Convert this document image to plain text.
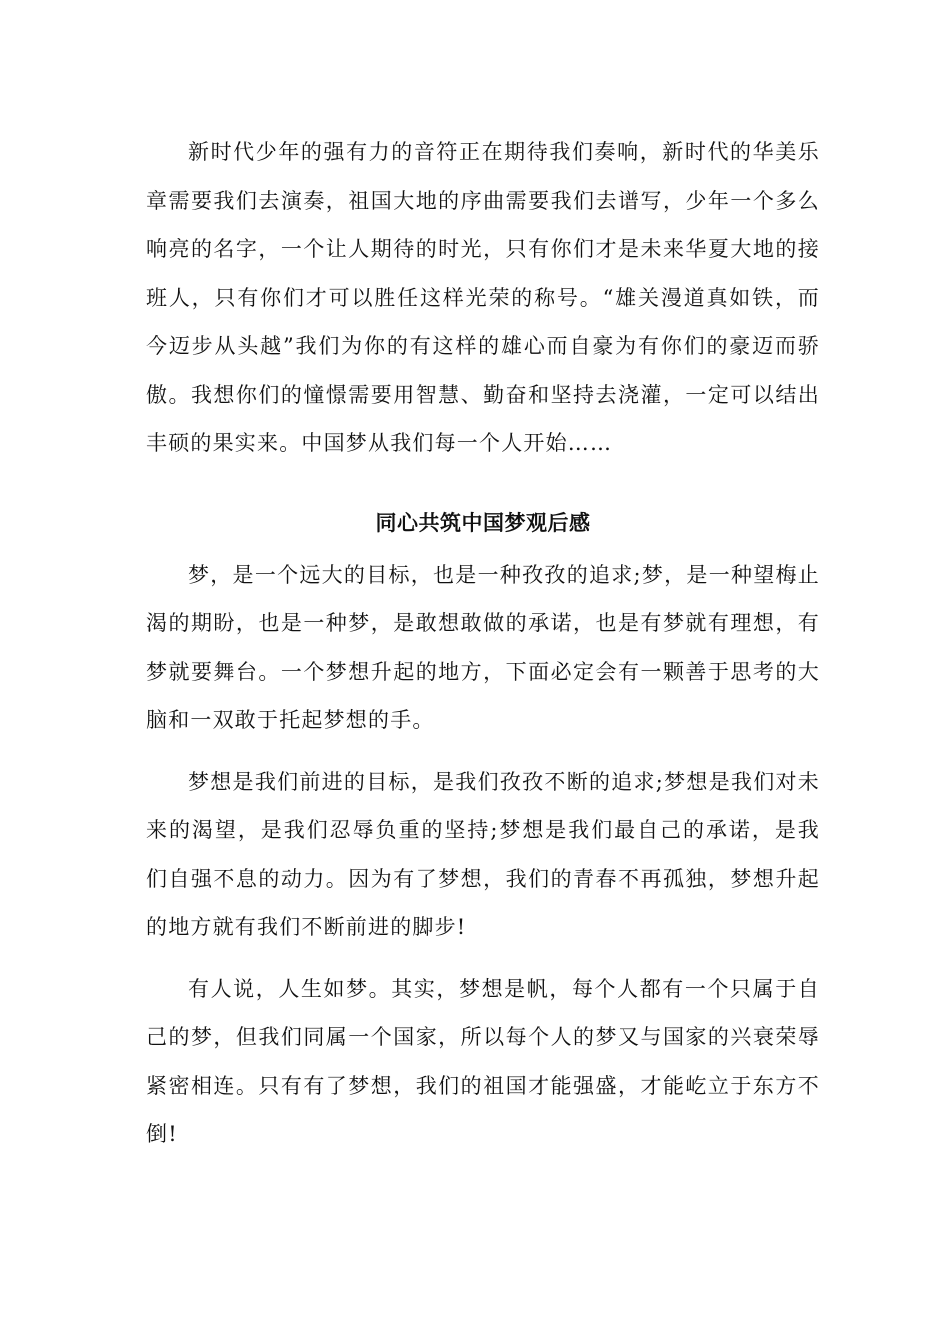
新时代少年的强有力的音符正在期待我们奏响，新时代的华美乐章需要我们去演奏，祖国大地的序曲需要我们去谱写，少年一个多么响亮的名字，一个让人期待的时光，只有你们才是未来华夏大地的接班人，只有你们才可以胜任这样光荣的称号。“雄关漫道真如铁，而今迈步从头越”我们为你的有这样的雄心而自豪为有你们的豪迈而骄傲。我想你们的憧憬需要用智慧、勤奋和坚持去浇灌，一定可以结出丰硕的果实来。中国梦从我们每一个人开始……

同心共筑中国梦观后感

梦，是一个远大的目标，也是一种孜孜的追求;梦，是一种望梅止渴的期盼，也是一种梦，是敢想敢做的承诺，也是有梦就有理想，有梦就要舞台。一个梦想升起的地方，下面必定会有一颗善于思考的大脑和一双敢于托起梦想的手。

梦想是我们前进的目标，是我们孜孜不断的追求;梦想是我们对未来的渴望，是我们忍辱负重的坚持;梦想是我们最自己的承诺，是我们自强不息的动力。因为有了梦想，我们的青春不再孤独，梦想升起的地方就有我们不断前进的脚步!

有人说，人生如梦。其实，梦想是帆，每个人都有一个只属于自己的梦，但我们同属一个国家，所以每个人的梦又与国家的兴衰荣辱紧密相连。只有有了梦想，我们的祖国才能强盛，才能屹立于东方不倒!
